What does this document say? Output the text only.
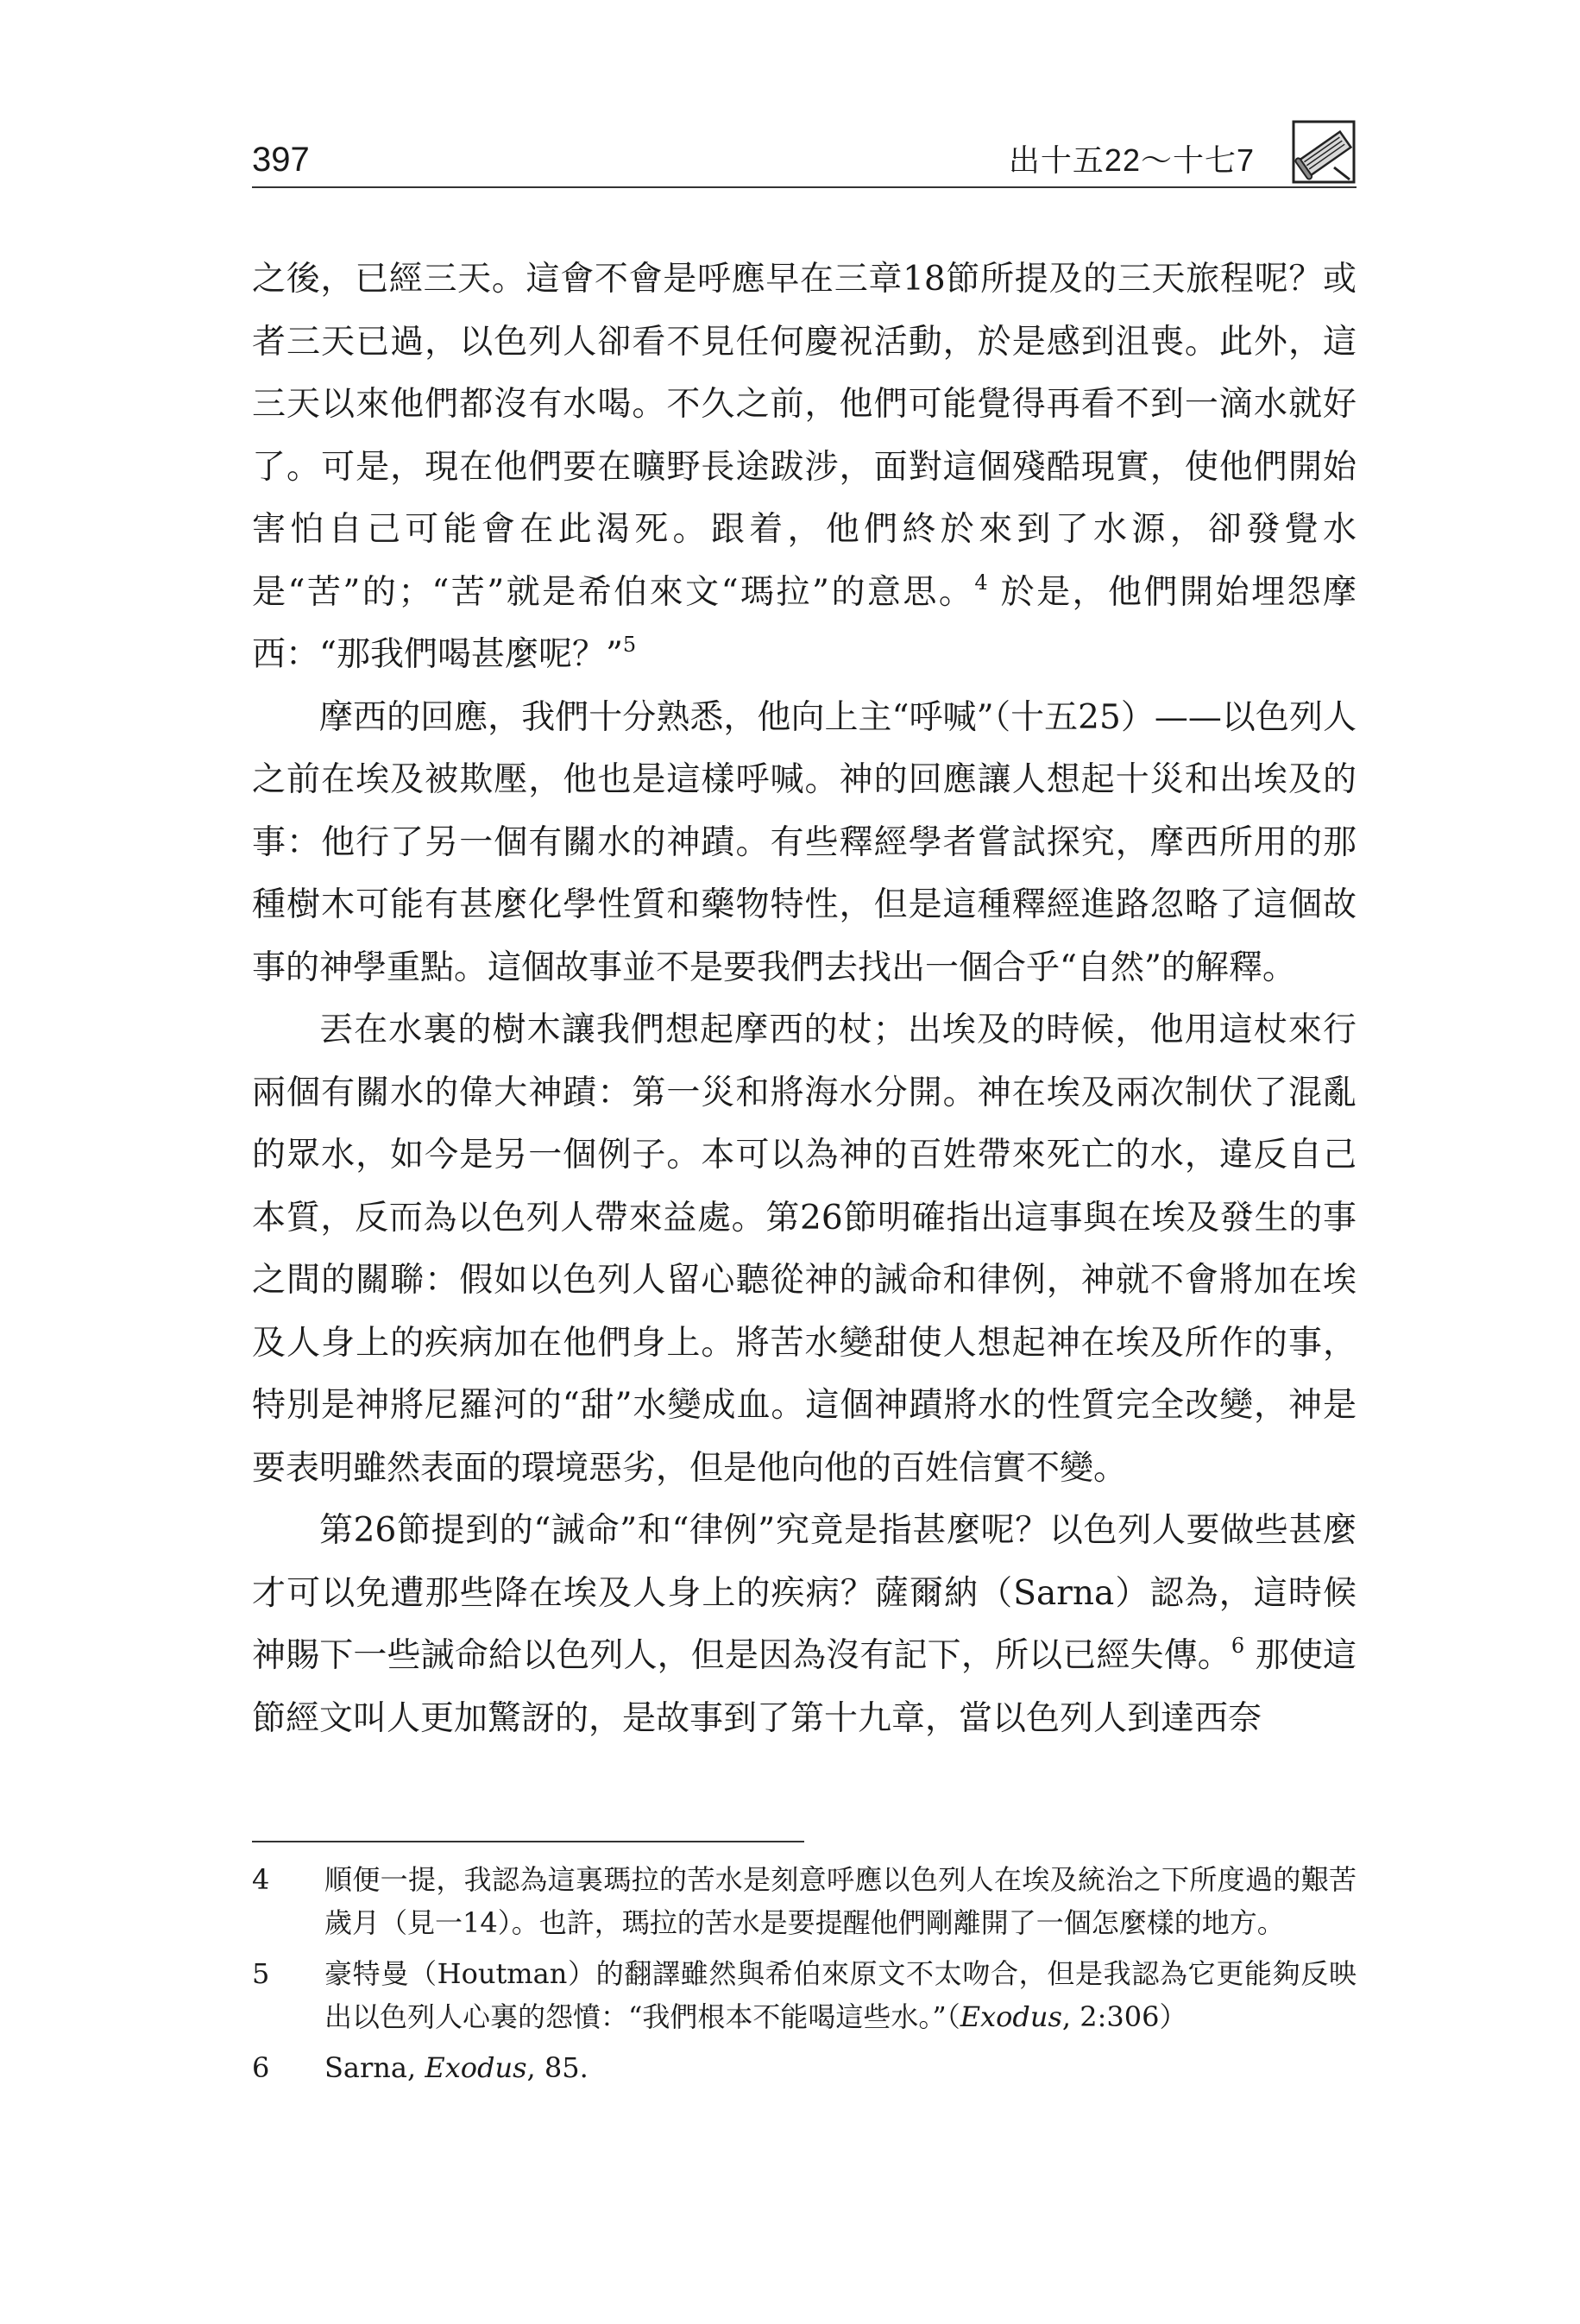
397	出十五22～十七7

之後，已經三天。這會不會是呼應早在三章18節所提及的三天旅程呢？或者三天已過，以色列人卻看不見任何慶祝活動，於是感到沮喪。此外，這三天以來他們都沒有水喝。不久之前，他們可能覺得再看不到一滴水就好了。可是，現在他們要在曠野長途跋涉，面對這個殘酷現實，使他們開始害怕自己可能會在此渴死。跟着，他們終於來到了水源，卻發覺水是“苦”的；“苦”就是希伯來文“瑪拉”的意思。$^4$ 於是，他們開始埋怨摩西：“那我們喝甚麼呢？”$^5$

摩西的回應，我們十分熟悉，他向上主“呼喊”（十五25）——以色列人之前在埃及被欺壓，他也是這樣呼喊。神的回應讓人想起十災和出埃及的事：他行了另一個有關水的神蹟。有些釋經學者嘗試探究，摩西所用的那種樹木可能有甚麼化學性質和藥物特性，但是這種釋經進路忽略了這個故事的神學重點。這個故事並不是要我們去找出一個合乎“自然”的解釋。

丟在水裏的樹木讓我們想起摩西的杖；出埃及的時候，他用這杖來行兩個有關水的偉大神蹟：第一災和將海水分開。神在埃及兩次制伏了混亂的眾水，如今是另一個例子。本可以為神的百姓帶來死亡的水，違反自己本質，反而為以色列人帶來益處。第26節明確指出這事與在埃及發生的事之間的關聯：假如以色列人留心聽從神的誡命和律例，神就不會將加在埃及人身上的疾病加在他們身上。將苦水變甜使人想起神在埃及所作的事，特別是神將尼羅河的“甜”水變成血。這個神蹟將水的性質完全改變，神是要表明雖然表面的環境惡劣，但是他向他的百姓信實不變。

第26節提到的“誡命”和“律例”究竟是指甚麼呢？以色列人要做些甚麼才可以免遭那些降在埃及人身上的疾病？薩爾納（Sarna）認為，這時候神賜下一些誡命給以色列人，但是因為沒有記下，所以已經失傳。$^6$ 那使這節經文叫人更加驚訝的，是故事到了第十九章，當以色列人到達西奈

4 順便一提，我認為這裏瑪拉的苦水是刻意呼應以色列人在埃及統治之下所度過的艱苦歲月（見一14）。也許，瑪拉的苦水是要提醒他們剛離開了一個怎麼樣的地方。

5 豪特曼（Houtman）的翻譯雖然與希伯來原文不太吻合，但是我認為它更能夠反映出以色列人心裏的怨憤：“我們根本不能喝這些水。”（Exodus, 2:306）

6 Sarna, Exodus, 85.
